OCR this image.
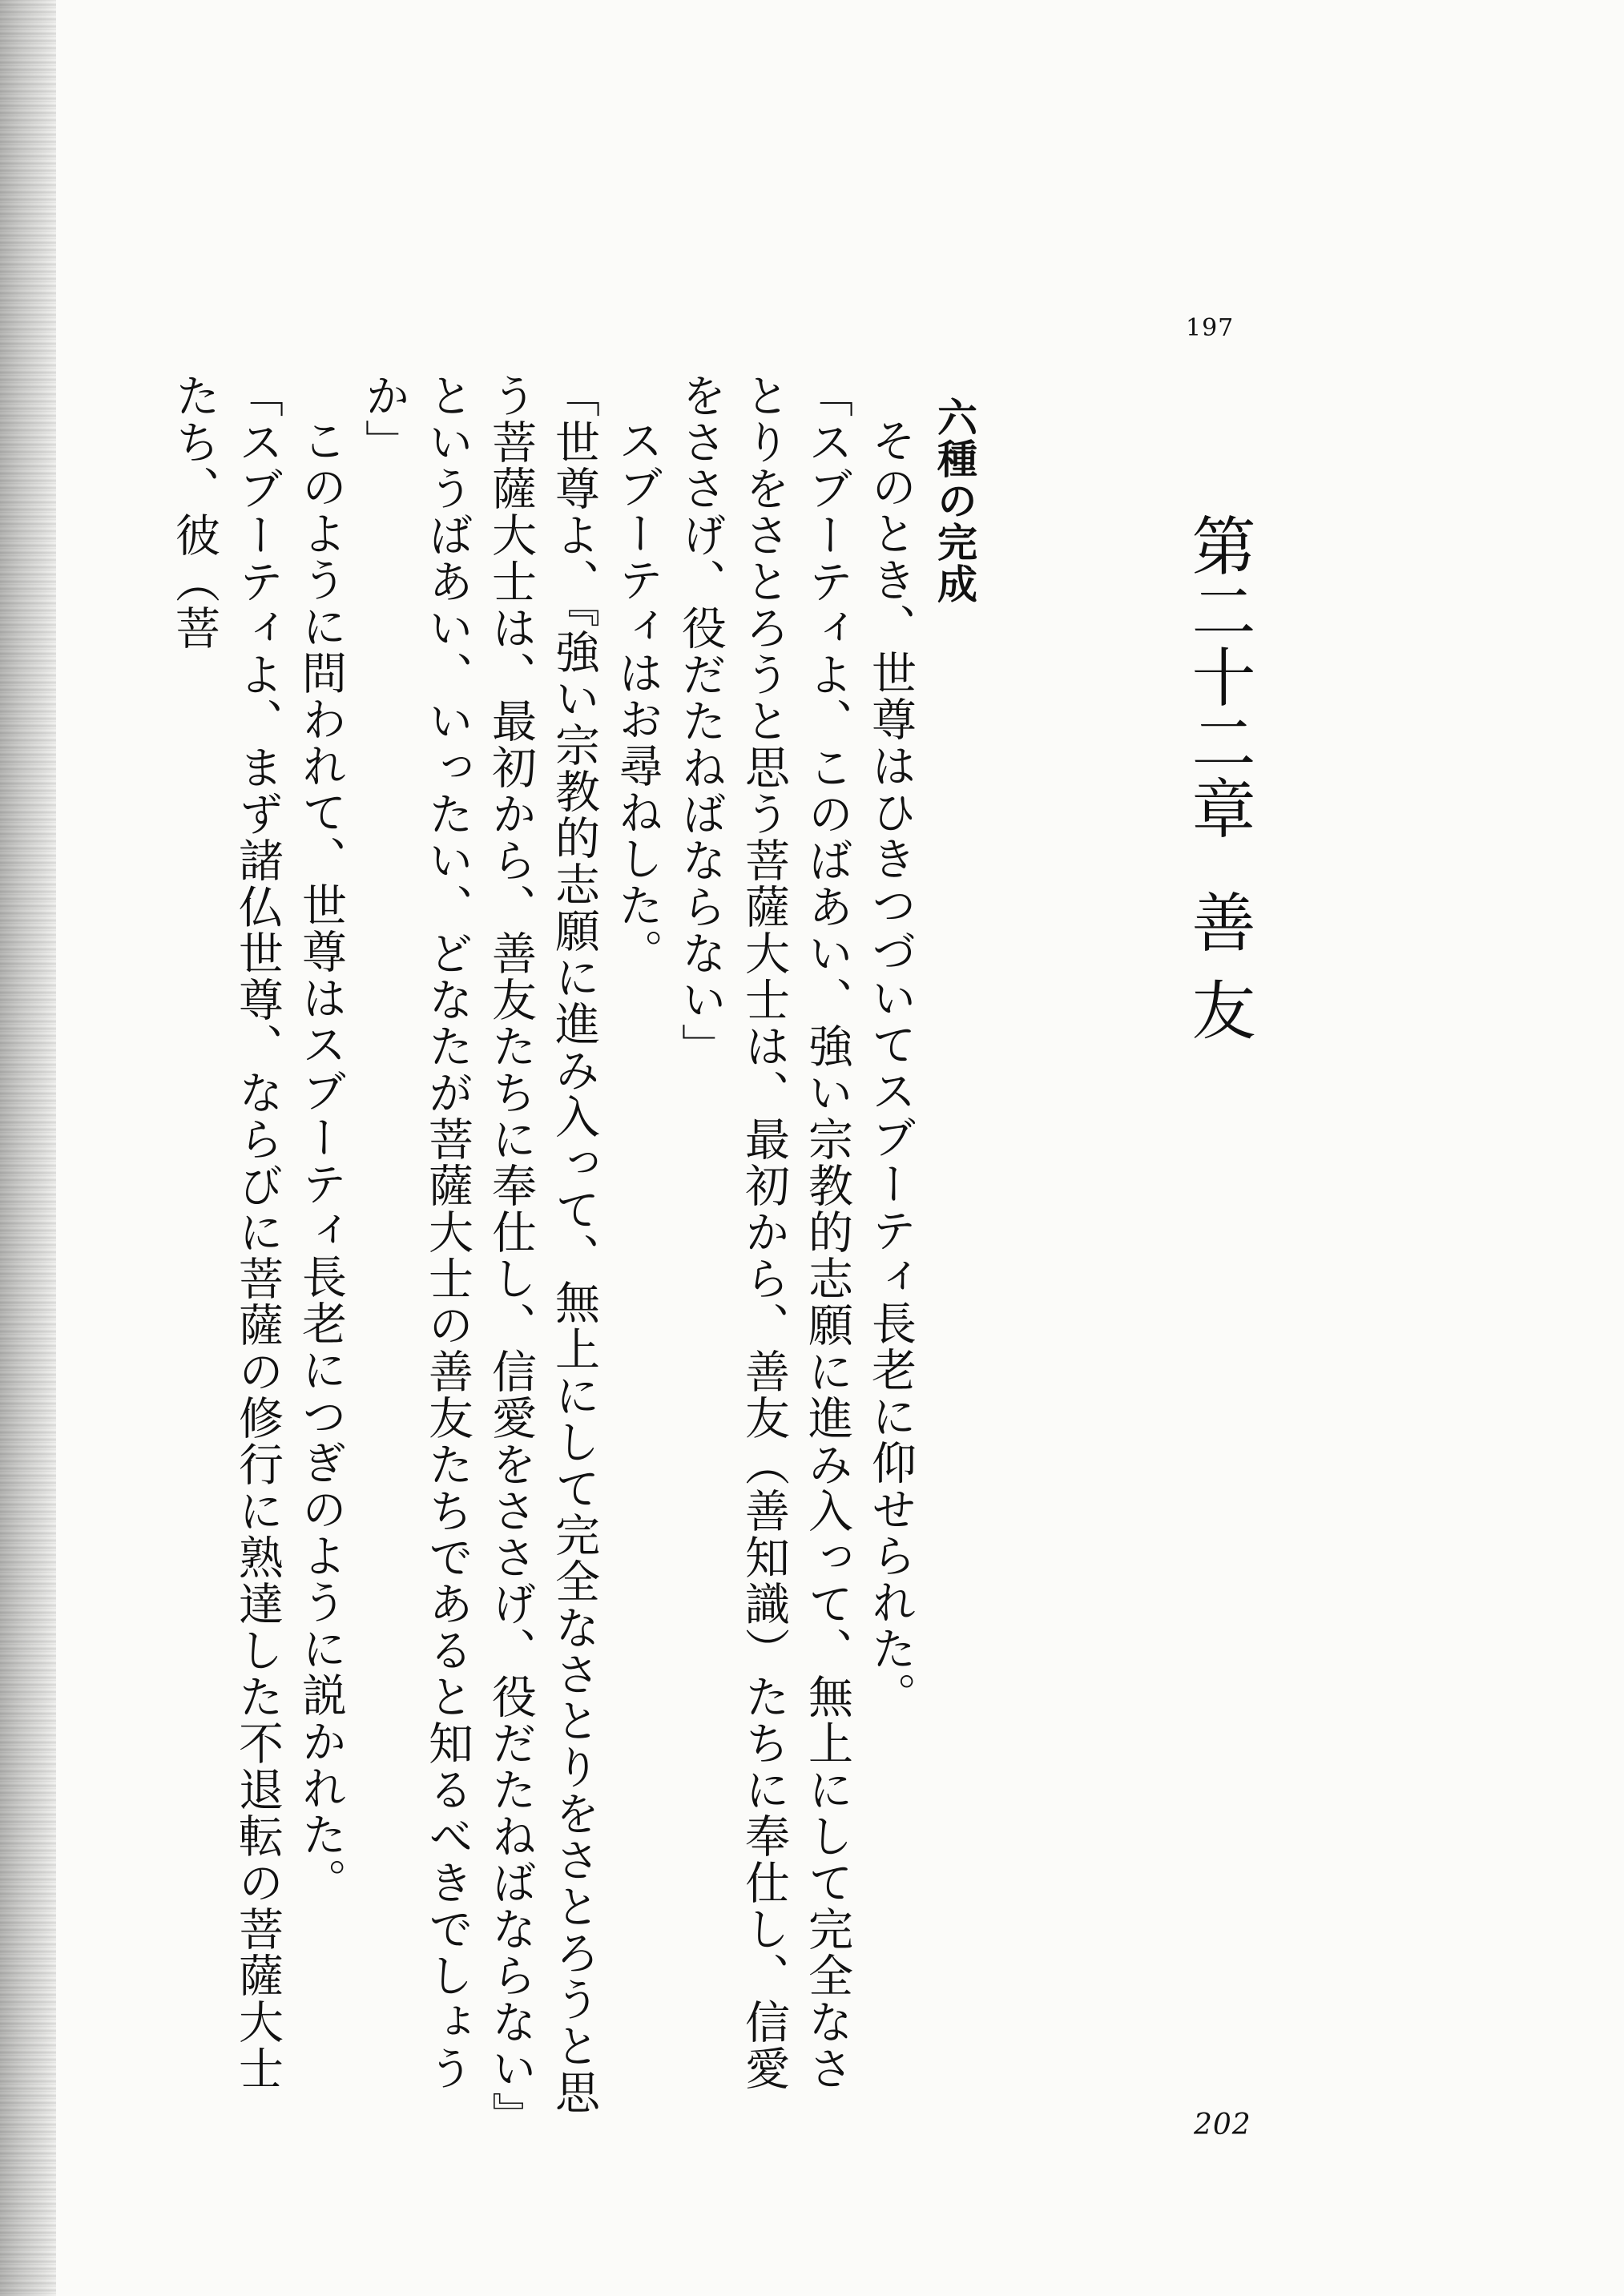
197
第二十二章善 友
六種の完成
そのとき、世尊はひきつづいてスブーティ長老に仰せられた。
「スブーティよ、このばあい、強い宗教的志願に進み入って、無上にして完全なさとりをさとろうと思う菩薩大士は、最初から、善友（善知識）たちに奉仕し、信愛をささげ、役だたねばならない」
スブーティはお尋ねした。
「世尊よ、『強い宗教的志願に進み入って、無上にして完全なさとりをさとろうと思う菩薩大士は、最初から、善友たちに奉仕し、信愛をささげ、役だたねばならない』というばあい、いったい、どなたが菩薩大士の善友たちであると知るべきでしょうか」
このように問われて、世尊はスブーティ長老につぎのように説かれた。
「スブーティよ、まず諸仏世尊、ならびに菩薩の修行に熟達した不退転の菩薩大士たち、彼（菩
202
